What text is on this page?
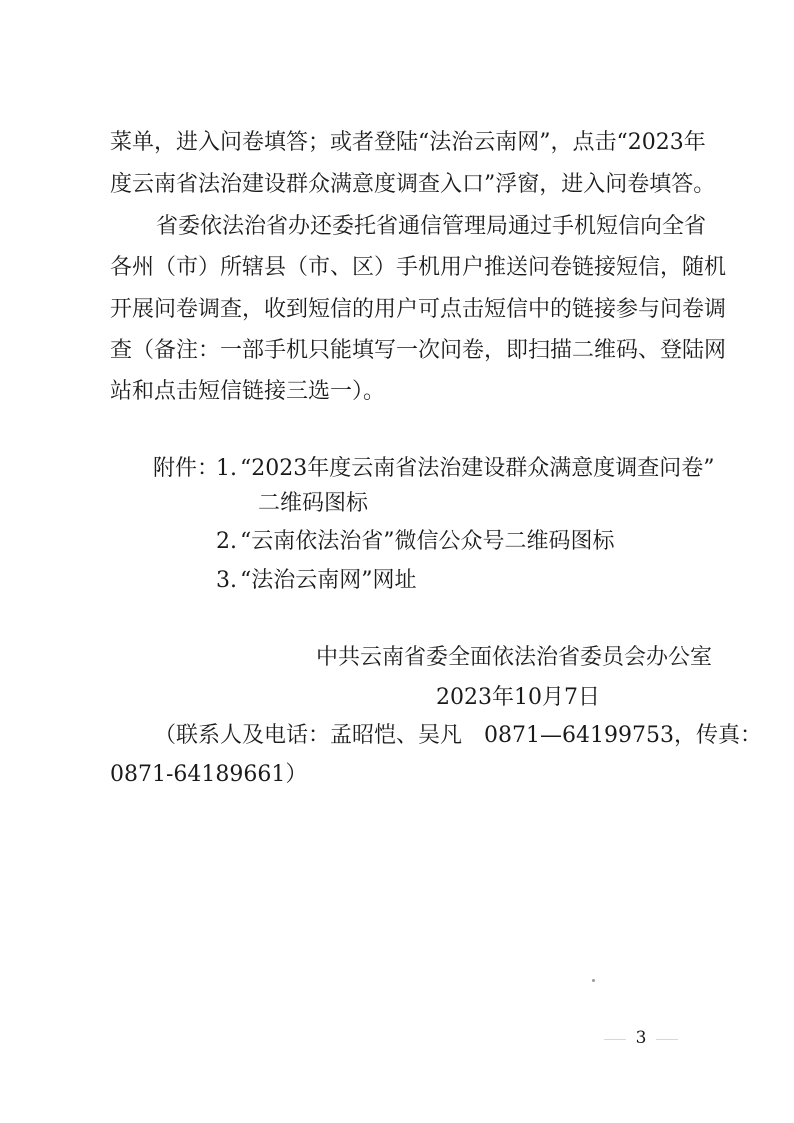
菜单，进入问卷填答；或者登陆“法治云南网”，点击“2023年
度云南省法治建设群众满意度调查入口”浮窗，进入问卷填答。
省委依法治省办还委托省通信管理局通过手机短信向全省
各州（市）所辖县（市、区）手机用户推送问卷链接短信，随机
开展问卷调查，收到短信的用户可点击短信中的链接参与问卷调
查（备注：一部手机只能填写一次问卷，即扫描二维码、登陆网
站和点击短信链接三选一）。
附件：
1. “2023年度云南省法治建设群众满意度调查问卷”
二维码图标
2. “云南依法治省”微信公众号二维码图标
3. “法治云南网”网址
中共云南省委全面依法治省委员会办公室
2023年10月7日
（联系人及电话：孟昭恺、吴凡　0871—64199753，传真：
0871-64189661）
3
